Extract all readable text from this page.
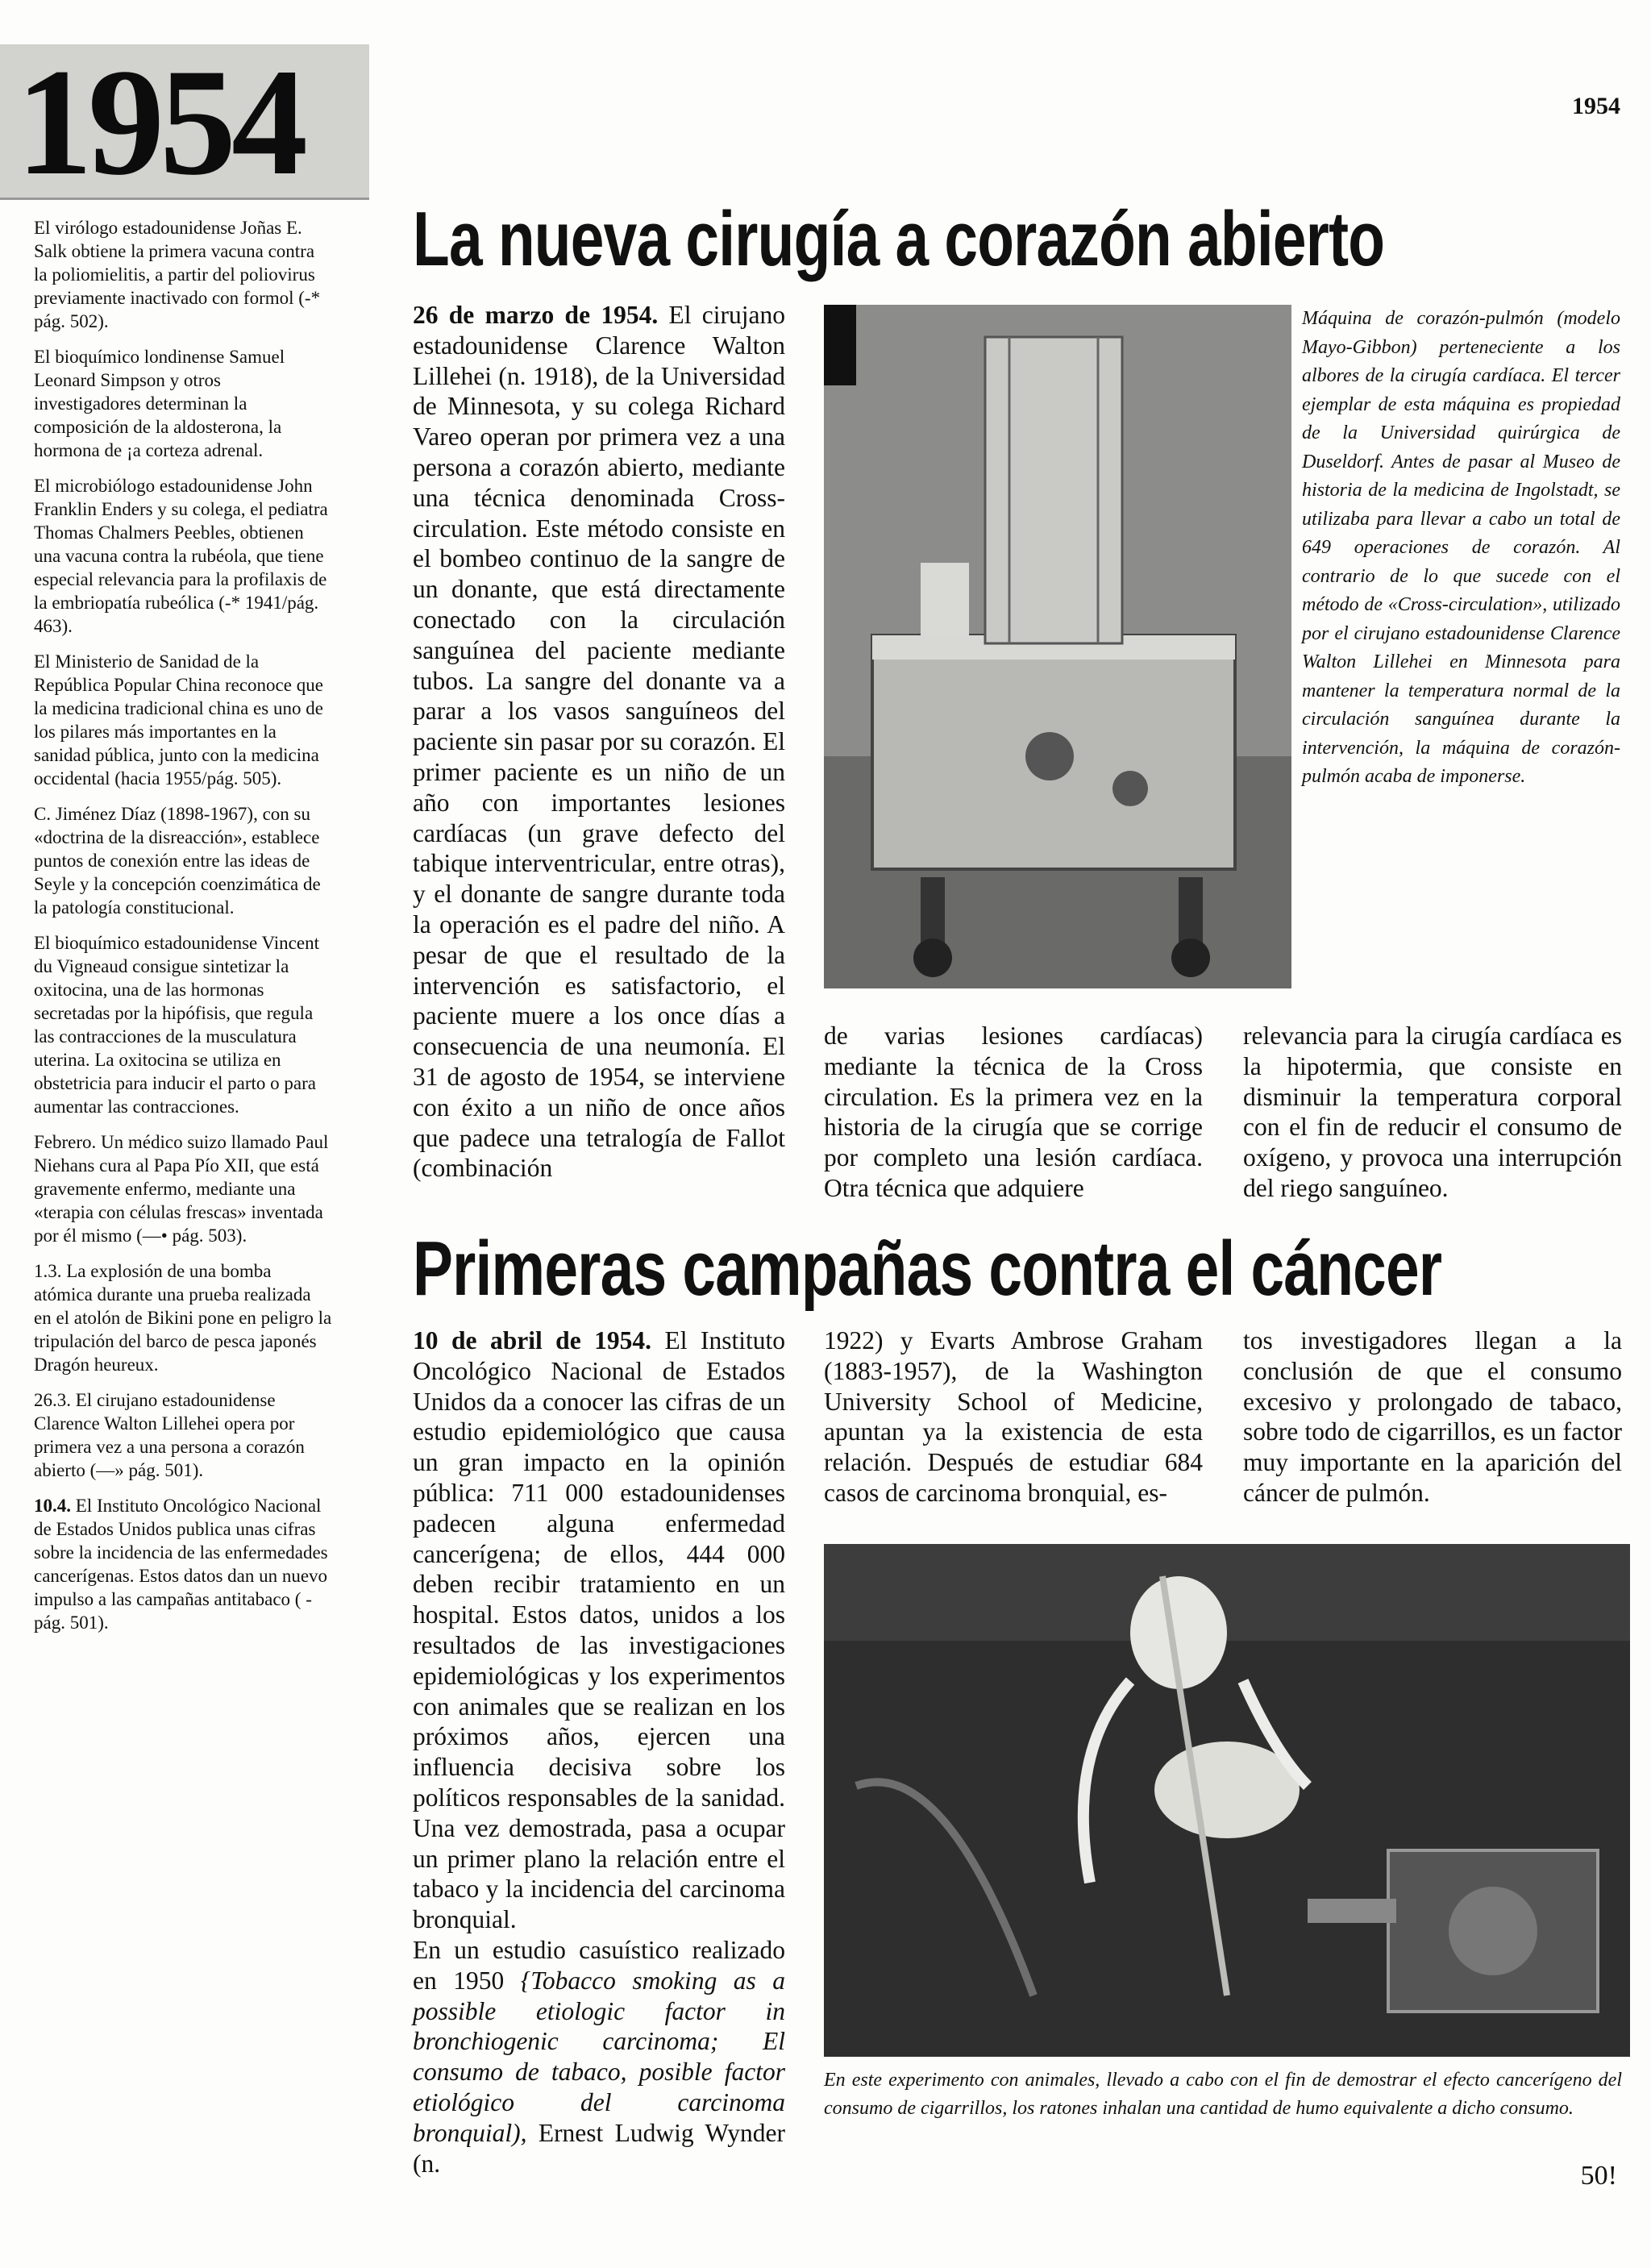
1954	1954

El virólogo estadounidense Joñas E. Salk obtiene la primera vacuna contra la poliomielitis, a partir del poliovirus previamente inactivado con formol (-* pág. 502).

El bioquímico londinense Samuel Leonard Simpson y otros investigadores determinan la composición de la aldosterona, la hormona de ¡a corteza adrenal.

El microbiólogo estadounidense John Franklin Enders y su colega, el pediatra Thomas Chalmers Peebles, obtienen una vacuna contra la rubéola, que tiene especial relevancia para la profilaxis de la embriopatía rubeólica (-* 1941/pág. 463).

El Ministerio de Sanidad de la República Popular China reconoce que la medicina tradicional china es uno de los pilares más importantes en la sanidad pública, junto con la medicina occidental (hacia 1955/pág. 505).

C. Jiménez Díaz (1898-1967), con su «doctrina de la disreacción», establece puntos de conexión entre las ideas de Seyle y la concepción coenzimática de la patología constitucional.

El bioquímico estadounidense Vincent du Vigneaud consigue sintetizar la oxitocina, una de las hormonas secretadas por la hipófisis, que regula las contracciones de la musculatura uterina. La oxitocina se utiliza en obstetricia para inducir el parto o para aumentar las contracciones.

Febrero. Un médico suizo llamado Paul Niehans cura al Papa Pío XII, que está gravemente enfermo, mediante una «terapia con células frescas» inventada por él mismo (—• pág. 503).

1.3. La explosión de una bomba atómica durante una prueba realizada en el atolón de Bikini pone en peligro la tripulación del barco de pesca japonés Dragón heureux.

26.3. El cirujano estadounidense Clarence Walton Lillehei opera por primera vez a una persona a corazón abierto (—» pág. 501).

10.4. El Instituto Oncológico Nacional de Estados Unidos publica unas cifras sobre la incidencia de las enfermedades cancerígenas. Estos datos dan un nuevo impulso a las campañas antitabaco ( - pág. 501).

La nueva cirugía a corazón abierto

26 de marzo de 1954. El cirujano estadounidense Clarence Walton Lillehei (n. 1918), de la Universidad de Minnesota, y su colega Richard Vareo operan por primera vez a una persona a corazón abierto, mediante una técnica denominada Cross-circulation. Este método consiste en el bombeo continuo de la sangre de un donante, que está directamente conectado con la circulación sanguínea del paciente mediante tubos. La sangre del donante va a parar a los vasos sanguíneos del paciente sin pasar por su corazón. El primer paciente es un niño de un año con importantes lesiones cardíacas (un grave defecto del tabique interventricular, entre otras), y el donante de sangre durante toda la operación es el padre del niño. A pesar de que el resultado de la intervención es satisfactorio, el paciente muere a los once días a consecuencia de una neumonía. El 31 de agosto de 1954, se interviene con éxito a un niño de once años que padece una tetralogía de Fallot (combinación

Máquina de corazón-pulmón (modelo Mayo-Gibbon) perteneciente a los albores de la cirugía cardíaca. El tercer ejemplar de esta máquina es propiedad de la Universidad quirúrgica de Duseldorf. Antes de pasar al Museo de historia de la medicina de Ingolstadt, se utilizaba para llevar a cabo un total de 649 operaciones de corazón. Al contrario de lo que sucede con el método de «Cross-circulation», utilizado por el cirujano estadounidense Clarence Walton Lillehei en Minnesota para mantener la temperatura normal de la circulación sanguínea durante la intervención, la máquina de corazón-pulmón acaba de imponerse.

de varias lesiones cardíacas) mediante la técnica de la Cross circulation. Es la primera vez en la historia de la cirugía que se corrige por completo una lesión cardíaca. Otra técnica que adquiere

relevancia para la cirugía cardíaca es la hipotermia, que consiste en disminuir la temperatura corporal con el fin de reducir el consumo de oxígeno, y provoca una interrupción del riego sanguíneo.

Primeras campañas contra el cáncer

10 de abril de 1954. El Instituto Oncológico Nacional de Estados Unidos da a conocer las cifras de un estudio epidemiológico que causa un gran impacto en la opinión pública: 711 000 estadounidenses padecen alguna enfermedad cancerígena; de ellos, 444 000 deben recibir tratamiento en un hospital. Estos datos, unidos a los resultados de las investigaciones epidemiológicas y los experimentos con animales que se realizan en los próximos años, ejercen una influencia decisiva sobre los políticos responsables de la sanidad. Una vez demostrada, pasa a ocupar un primer plano la relación entre el tabaco y la incidencia del carcinoma bronquial.

En un estudio casuístico realizado en 1950 {Tobacco smoking as a possible etiologic factor in bronchiogenic carcinoma; El consumo de tabaco, posible factor etiológico del carcinoma bronquial), Ernest Ludwig Wynder (n.

1922) y Evarts Ambrose Graham (1883-1957), de la Washington University School of Medicine, apuntan ya la existencia de esta relación. Después de estudiar 684 casos de carcinoma bronquial, es-

tos investigadores llegan a la conclusión de que el consumo excesivo y prolongado de tabaco, sobre todo de cigarrillos, es un factor muy importante en la aparición del cáncer de pulmón.

En este experimento con animales, llevado a cabo con el fin de demostrar el efecto cancerígeno del consumo de cigarrillos, los ratones inhalan una cantidad de humo equivalente a dicho consumo.
50!
